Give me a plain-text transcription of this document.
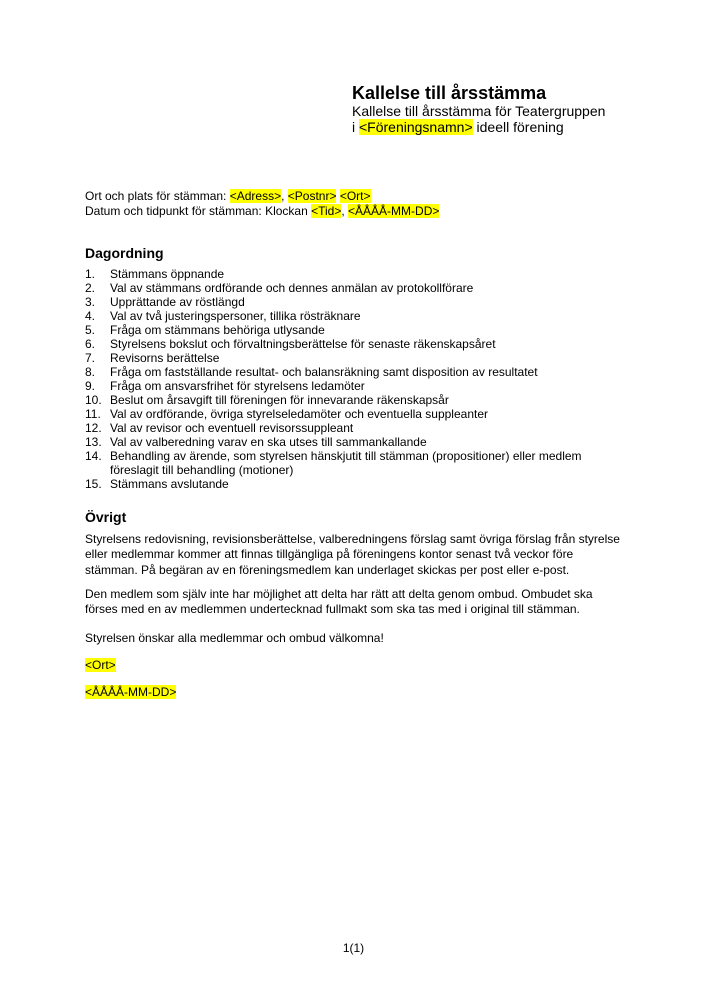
Kallelse till årsstämma

Kallelse till årsstämma för Teatergruppen

i <Föreningsnamn> ideell förening

Ort och plats för stämman: <Adress>, <Postnr> <Ort>

Datum och tidpunkt för stämman: Klockan <Tid>, <ÅÅÅÅ-MM-DD>

Dagordning
1. Stämmans öppnande
2. Val av stämmans ordförande och dennes anmälan av protokollförare
3. Upprättande av röstlängd
4. Val av två justeringspersoner, tillika rösträknare
5. Fråga om stämmans behöriga utlysande
6. Styrelsens bokslut och förvaltningsberättelse för senaste räkenskapsåret
7. Revisorns berättelse
8. Fråga om fastställande resultat- och balansräkning samt disposition av resultatet
9. Fråga om ansvarsfrihet för styrelsens ledamöter
10. Beslut om årsavgift till föreningen för innevarande räkenskapsår
11. Val av ordförande, övriga styrelseledamöter och eventuella suppleanter
12. Val av revisor och eventuell revisorssuppleant
13. Val av valberedning varav en ska utses till sammankallande
14. Behandling av ärende, som styrelsen hänskjutit till stämman (propositioner) eller medlem föreslagit till behandling (motioner)
15. Stämmans avslutande
Övrigt

Styrelsens redovisning, revisionsberättelse, valberedningens förslag samt övriga förslag från styrelse eller medlemmar kommer att finnas tillgängliga på föreningens kontor senast två veckor före stämman. På begäran av en föreningsmedlem kan underlaget skickas per post eller e-post.

Den medlem som själv inte har möjlighet att delta har rätt att delta genom ombud. Ombudet ska förses med en av medlemmen undertecknad fullmakt som ska tas med i original till stämman.

Styrelsen önskar alla medlemmar och ombud välkomna!

<Ort>

<ÅÅÅÅ-MM-DD>

1(1)
